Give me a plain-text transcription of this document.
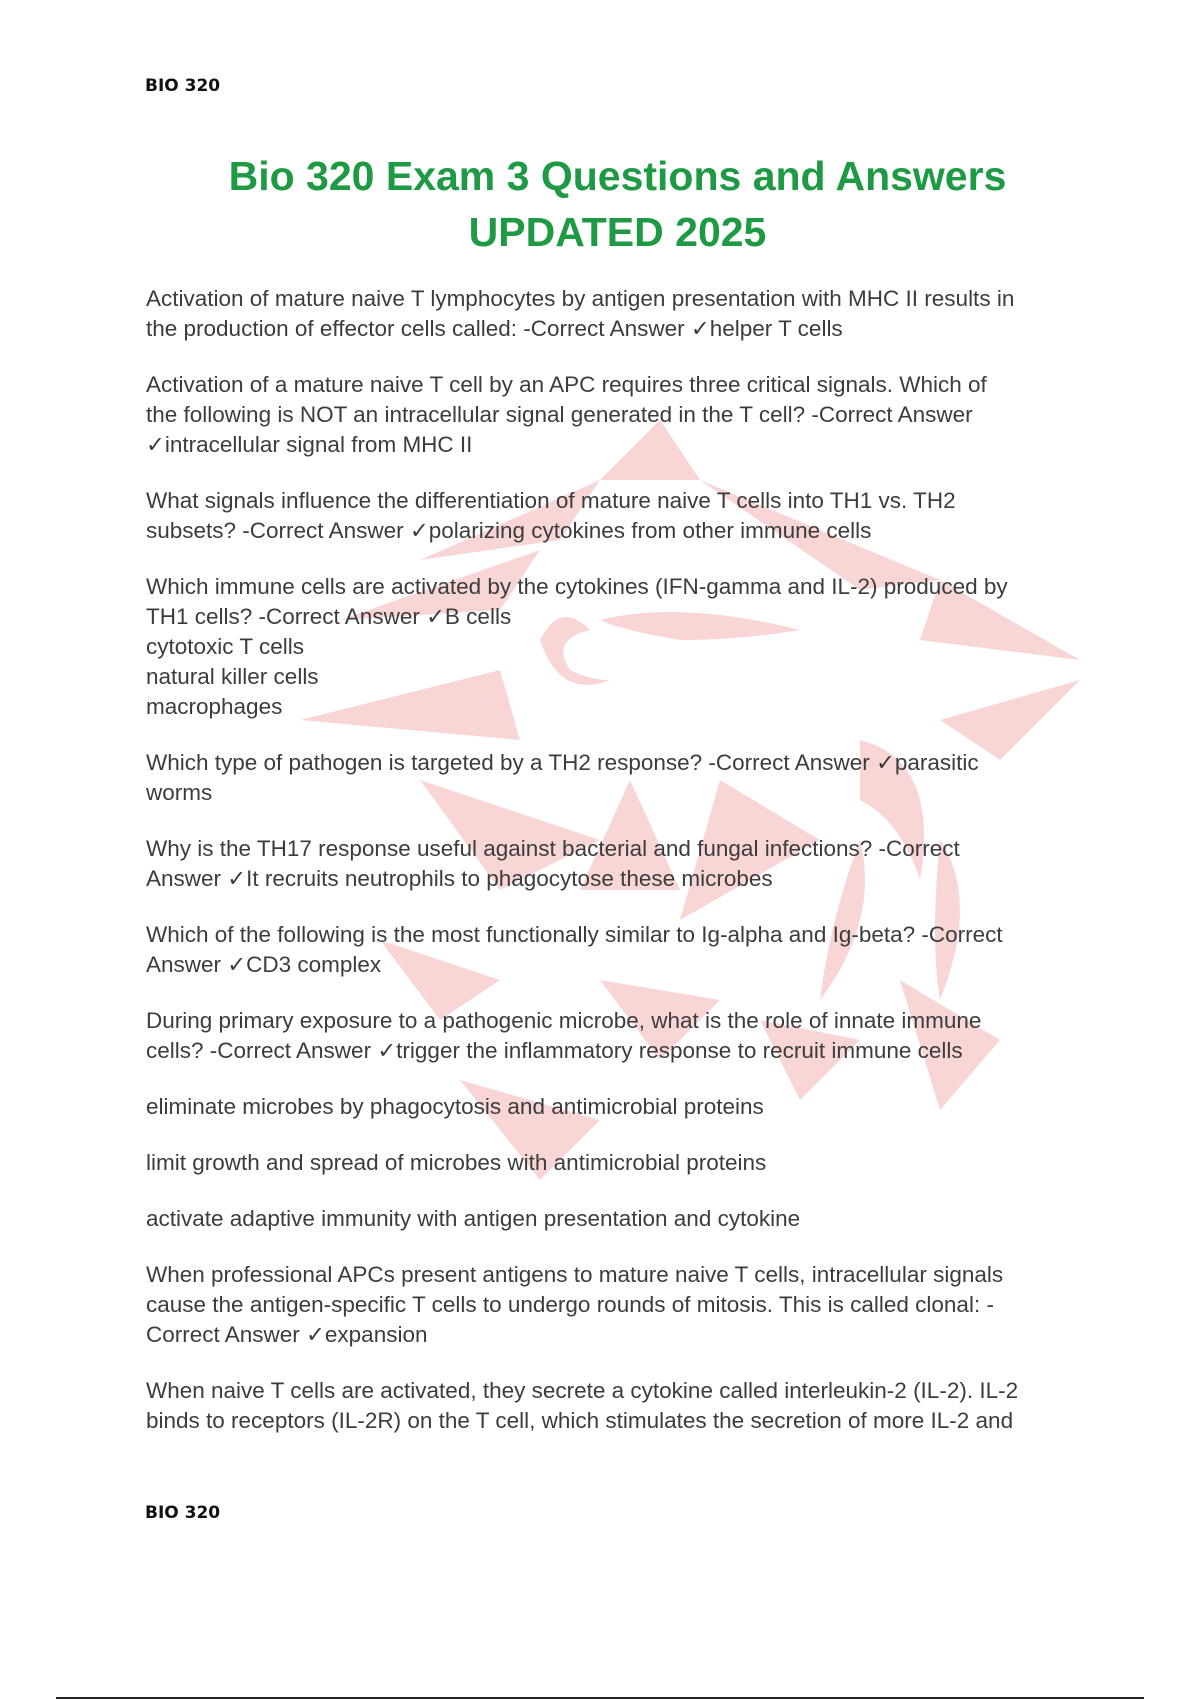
BIO 320
Bio 320 Exam 3 Questions and Answers
UPDATED 2025
Activation of mature naive T lymphocytes by antigen presentation with MHC II results in
the production of effector cells called: -Correct Answer ✓helper T cells
Activation of a mature naive T cell by an APC requires three critical signals. Which of
the following is NOT an intracellular signal generated in the T cell? -Correct Answer
✓intracellular signal from MHC II
What signals influence the differentiation of mature naive T cells into TH1 vs. TH2
subsets? -Correct Answer ✓polarizing cytokines from other immune cells
Which immune cells are activated by the cytokines (IFN-gamma and IL-2) produced by
TH1 cells? -Correct Answer ✓B cells
cytotoxic T cells
natural killer cells
macrophages
Which type of pathogen is targeted by a TH2 response? -Correct Answer ✓parasitic
worms
Why is the TH17 response useful against bacterial and fungal infections? -Correct
Answer ✓It recruits neutrophils to phagocytose these microbes
Which of the following is the most functionally similar to Ig-alpha and Ig-beta? -Correct
Answer ✓CD3 complex
During primary exposure to a pathogenic microbe, what is the role of innate immune
cells? -Correct Answer ✓trigger the inflammatory response to recruit immune cells
eliminate microbes by phagocytosis and antimicrobial proteins
limit growth and spread of microbes with antimicrobial proteins
activate adaptive immunity with antigen presentation and cytokine
When professional APCs present antigens to mature naive T cells, intracellular signals
cause the antigen-specific T cells to undergo rounds of mitosis. This is called clonal: -
Correct Answer ✓expansion
When naive T cells are activated, they secrete a cytokine called interleukin-2 (IL-2). IL-2
binds to receptors (IL-2R) on the T cell, which stimulates the secretion of more IL-2 and
BIO 320
